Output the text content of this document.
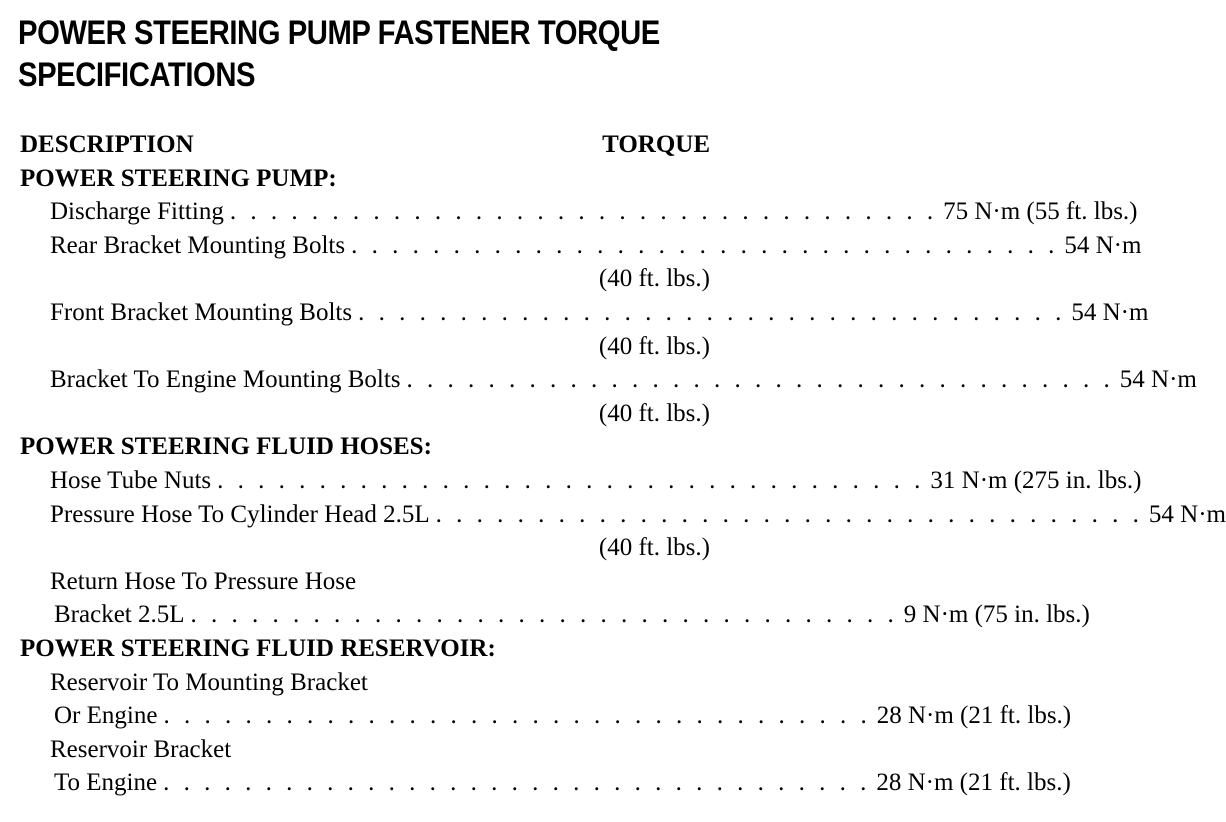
POWER STEERING PUMP FASTENER TORQUE
SPECIFICATIONS
DESCRIPTION	TORQUE
POWER STEERING PUMP:
Discharge Fitting . . . . . . . . . . . . . . . . . . . . . . . . . . . . . . . . . . . 75 N·m (55 ft. lbs.)
Rear Bracket Mounting Bolts . . . . . . . . . . . . . . . . . . . . . . . . . . . . . . . . . . . 54 N·m
(40 ft. lbs.)
Front Bracket Mounting Bolts . . . . . . . . . . . . . . . . . . . . . . . . . . . . . . . . . . . 54 N·m
(40 ft. lbs.)
Bracket To Engine Mounting Bolts . . . . . . . . . . . . . . . . . . . . . . . . . . . . . . . . . . . 54 N·m
(40 ft. lbs.)
POWER STEERING FLUID HOSES:
Hose Tube Nuts . . . . . . . . . . . . . . . . . . . . . . . . . . . . . . . . . . . 31 N·m (275 in. lbs.)
Pressure Hose To Cylinder Head 2.5L . . . . . . . . . . . . . . . . . . . . . . . . . . . . . . . . . . . 54 N·m
(40 ft. lbs.)
Return Hose To Pressure Hose
Bracket 2.5L . . . . . . . . . . . . . . . . . . . . . . . . . . . . . . . . . . . 9 N·m (75 in. lbs.)
POWER STEERING FLUID RESERVOIR:
Reservoir To Mounting Bracket
Or Engine . . . . . . . . . . . . . . . . . . . . . . . . . . . . . . . . . . . 28 N·m (21 ft. lbs.)
Reservoir Bracket
To Engine . . . . . . . . . . . . . . . . . . . . . . . . . . . . . . . . . . . 28 N·m (21 ft. lbs.)
